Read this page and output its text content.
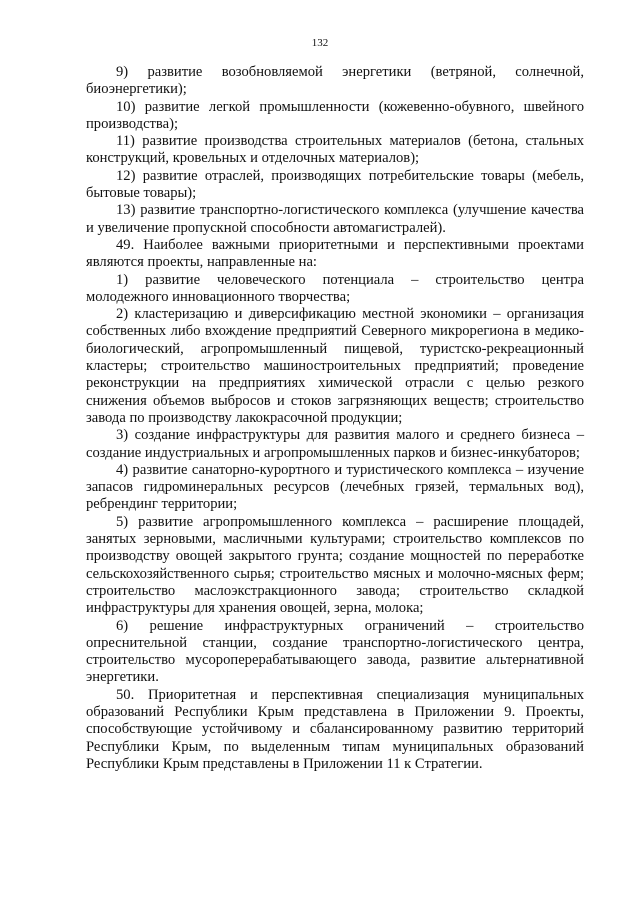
132

9) развитие возобновляемой энергетики (ветряной, солнечной, биоэнергетики);

10) развитие легкой промышленности (кожевенно-обувного, швейного производства);

11) развитие производства строительных материалов (бетона, стальных конструкций, кровельных и отделочных материалов);

12) развитие отраслей, производящих потребительские товары (мебель, бытовые товары);

13) развитие транспортно-логистического комплекса (улучшение качества и увеличение пропускной способности автомагистралей).

49. Наиболее важными приоритетными и перспективными проектами являются проекты, направленные на:

1) развитие человеческого потенциала – строительство центра молодежного инновационного творчества;

2) кластеризацию и диверсификацию местной экономики – организация собственных либо вхождение предприятий Северного микрорегиона в медико-биологический, агропромышленный пищевой, туристско-рекреационный кластеры; строительство машиностроительных предприятий; проведение реконструкции на предприятиях химической отрасли с целью резкого снижения объемов выбросов и стоков загрязняющих веществ; строительство завода по производству лакокрасочной продукции;

3) создание инфраструктуры для развития малого и среднего бизнеса – создание индустриальных и агропромышленных парков и бизнес-инкубаторов;

4) развитие санаторно-курортного и туристического комплекса – изучение запасов гидроминеральных ресурсов (лечебных грязей, термальных вод), ребрендинг территории;

5) развитие агропромышленного комплекса – расширение площадей, занятых зерновыми, масличными культурами; строительство комплексов по производству овощей закрытого грунта; создание мощностей по переработке сельскохозяйственного сырья; строительство мясных и молочно-мясных ферм; строительство маслоэкстракционного завода; строительство складкой инфраструктуры для хранения овощей, зерна, молока;

6) решение инфраструктурных ограничений – строительство опреснительной станции, создание транспортно-логистического центра, строительство мусороперерабатывающего завода, развитие альтернативной энергетики.

50. Приоритетная и перспективная специализация муниципальных образований Республики Крым представлена в Приложении 9. Проекты, способствующие устойчивому и сбалансированному развитию территорий Республики Крым, по выделенным типам муниципальных образований Республики Крым представлены в Приложении 11 к Стратегии.
